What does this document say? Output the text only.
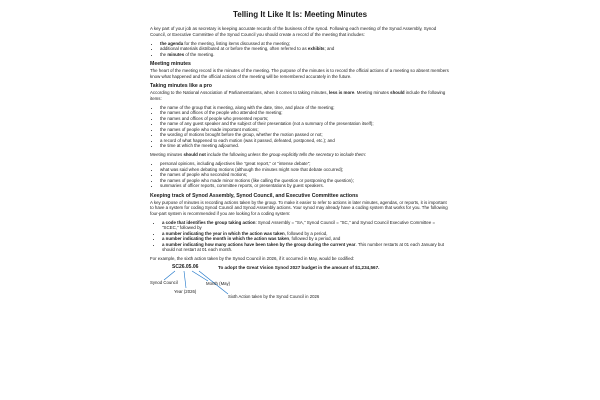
Telling It Like It Is: Meeting Minutes

A key part of your job as secretary is keeping accurate records of the business of the synod. Following each meeting of the Synod Assembly, Synod Council, or Executive Committee of the Synod Council you should create a record of the meeting that includes:

• the agenda for the meeting, listing items discussed at the meeting;
• additional materials distributed at or before the meeting, often referred to as exhibits; and
• the minutes of the meeting.
Meeting minutes

The heart of the meeting record is the minutes of the meeting. The purpose of the minutes is to record the official actions of a meeting so absent members know what happened and the official actions of the meeting will be remembered accurately in the future.

Taking minutes like a pro

According to the National Association of Parliamentarians, when it comes to taking minutes, less is more. Meeting minutes should include the following items:

• the name of the group that is meeting, along with the date, time, and place of the meeting;
• the names and offices of the people who attended the meeting;
• the names and offices of people who presented reports;
• the name of any guest speaker and the subject of their presentation (not a summary of the presentation itself);
• the names of people who made important motions;
• the wording of motions brought before the group, whether the motion passed or not;
• a record of what happened to each motion (was it passed, defeated, postponed, etc.); and
• the time at which the meeting adjourned.

Meeting minutes should not include the following unless the group explicitly tells the secretary to include them:

• personal opinions, including adjectives like "great report," or "intense debate";
• what was said when debating motions (although the minutes might note that debate occurred);
• the names of people who seconded motions;
• the names of people who made minor motions (like calling the question or postponing the question);
• summaries of officer reports, committee reports, or presentations by guest speakers.
Keeping track of Synod Assembly, Synod Council, and Executive Committee actions

A key purpose of minutes is recording actions taken by the group. To make it easier to refer to actions in later minutes, agendas, or reports, it is important to have a system for coding Synod Council and Synod Assembly actions. Your synod may already have a coding system that works for you. The following four-part system is recommended if you are looking for a coding system:

• a code that identifies the group taking action: Synod Assembly = "SA," Synod Council = "SC," and Synod Council Executive Committee = "SCEC," followed by
• a number indicating the year in which the action was taken, followed by a period,
• a number indicating the month in which the action was taken, followed by a period, and
• a number indicating how many actions have been taken by the group during the current year. This number restarts at 01 each January but should not restart at 01 each month.

For example, the sixth action taken by the Synod Council in 2026, if it occurred in May, would be codified:

SC26.05.06	To adopt the Great Vision Synod 2027 budget in the amount of $1,234,567.
Synod Council
Year (2026)
Month (May)
Sixth Action taken by the Synod Council in 2026
